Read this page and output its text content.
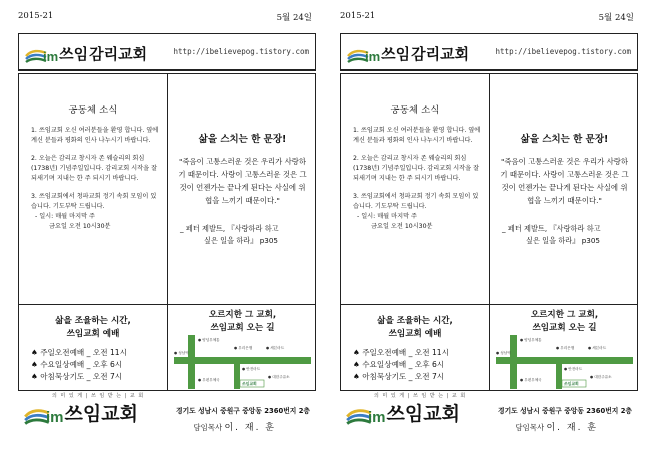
2015-21	5월 24일
im 쓰임 감리교회	http://ibelievepog.tistory.com
공동체 소식

1. 쓰임교회 오신 여러분들을 환영 합니다. 옆에 계신 분들과 평화의 인사 나누시기 바랍니다.

2. 오늘은 감리교 창시자 존 웨슬리의 회심(1738년) 기념주일입니다. 감리교회 시작을 잘 되새기며 지내는 한 주 되시기 바랍니다.

3. 쓰임교회에서 청파교회 정기 속회 모임이 있습니다. 기도부탁 드립니다.

- 일시: 매월 마지막 주

금요일 오전 10시30분

삶을 스치는 한 문장!

"죽음이 고통스러운 것은 우리가 사랑하기 때문이다. 사랑이 고통스러운 것은 그것이 언젠가는 끝나게 된다는 사실에 위협을 느끼기 때문이다."

_ 페터 제발트, 『사랑하라 하고

싶은 일을 하라』 p305

삶을 조율하는 시간,
쓰임교회 예배
♠ 주일오전예배 _ 오전 11시
♠ 수요일상예배 _ 오후 6시
♠ 아침묵상기도 _ 오전 7시
오르지한 그 교회,
쓰임교회 오는 길
● 양념우체통
● 우리은행	● 세븐마트
● 성남역
● 안전마트
● 대한주유소
쓰임교회
● 우편우체국
의 미 있 게 | 쓰 임 받 는 | 교 회
im 쓰임교회	경기도 성남시 중원구 중앙동 2360번지 2층
담임목사 이. 재. 훈
2015-21	5월 24일
im 쓰임 감리교회	http://ibelievepog.tistory.com
공동체 소식

1. 쓰임교회 오신 여러분들을 환영 합니다. 옆에 계신 분들과 평화의 인사 나누시기 바랍니다.

2. 오늘은 감리교 창시자 존 웨슬리의 회심(1738년) 기념주일입니다. 감리교회 시작을 잘 되새기며 지내는 한 주 되시기 바랍니다.

3. 쓰임교회에서 청파교회 정기 속회 모임이 있습니다. 기도부탁 드립니다.

- 일시: 매월 마지막 주

금요일 오전 10시30분

삶을 스치는 한 문장!

"죽음이 고통스러운 것은 우리가 사랑하기 때문이다. 사랑이 고통스러운 것은 그것이 언젠가는 끝나게 된다는 사실에 위협을 느끼기 때문이다."

_ 페터 제발트, 『사랑하라 하고

싶은 일을 하라』 p305

삶을 조율하는 시간,
쓰임교회 예배
♠ 주일오전예배 _ 오전 11시
♠ 수요일상예배 _ 오후 6시
♠ 아침묵상기도 _ 오전 7시
오르지한 그 교회,
쓰임교회 오는 길
● 양념우체통
● 우리은행	● 세븐마트
● 성남역
● 안전마트
● 대한주유소
쓰임교회
● 우편우체국
의 미 있 게 | 쓰 임 받 는 | 교 회
im 쓰임교회	경기도 성남시 중원구 중앙동 2360번지 2층
담임목사 이. 재. 훈
